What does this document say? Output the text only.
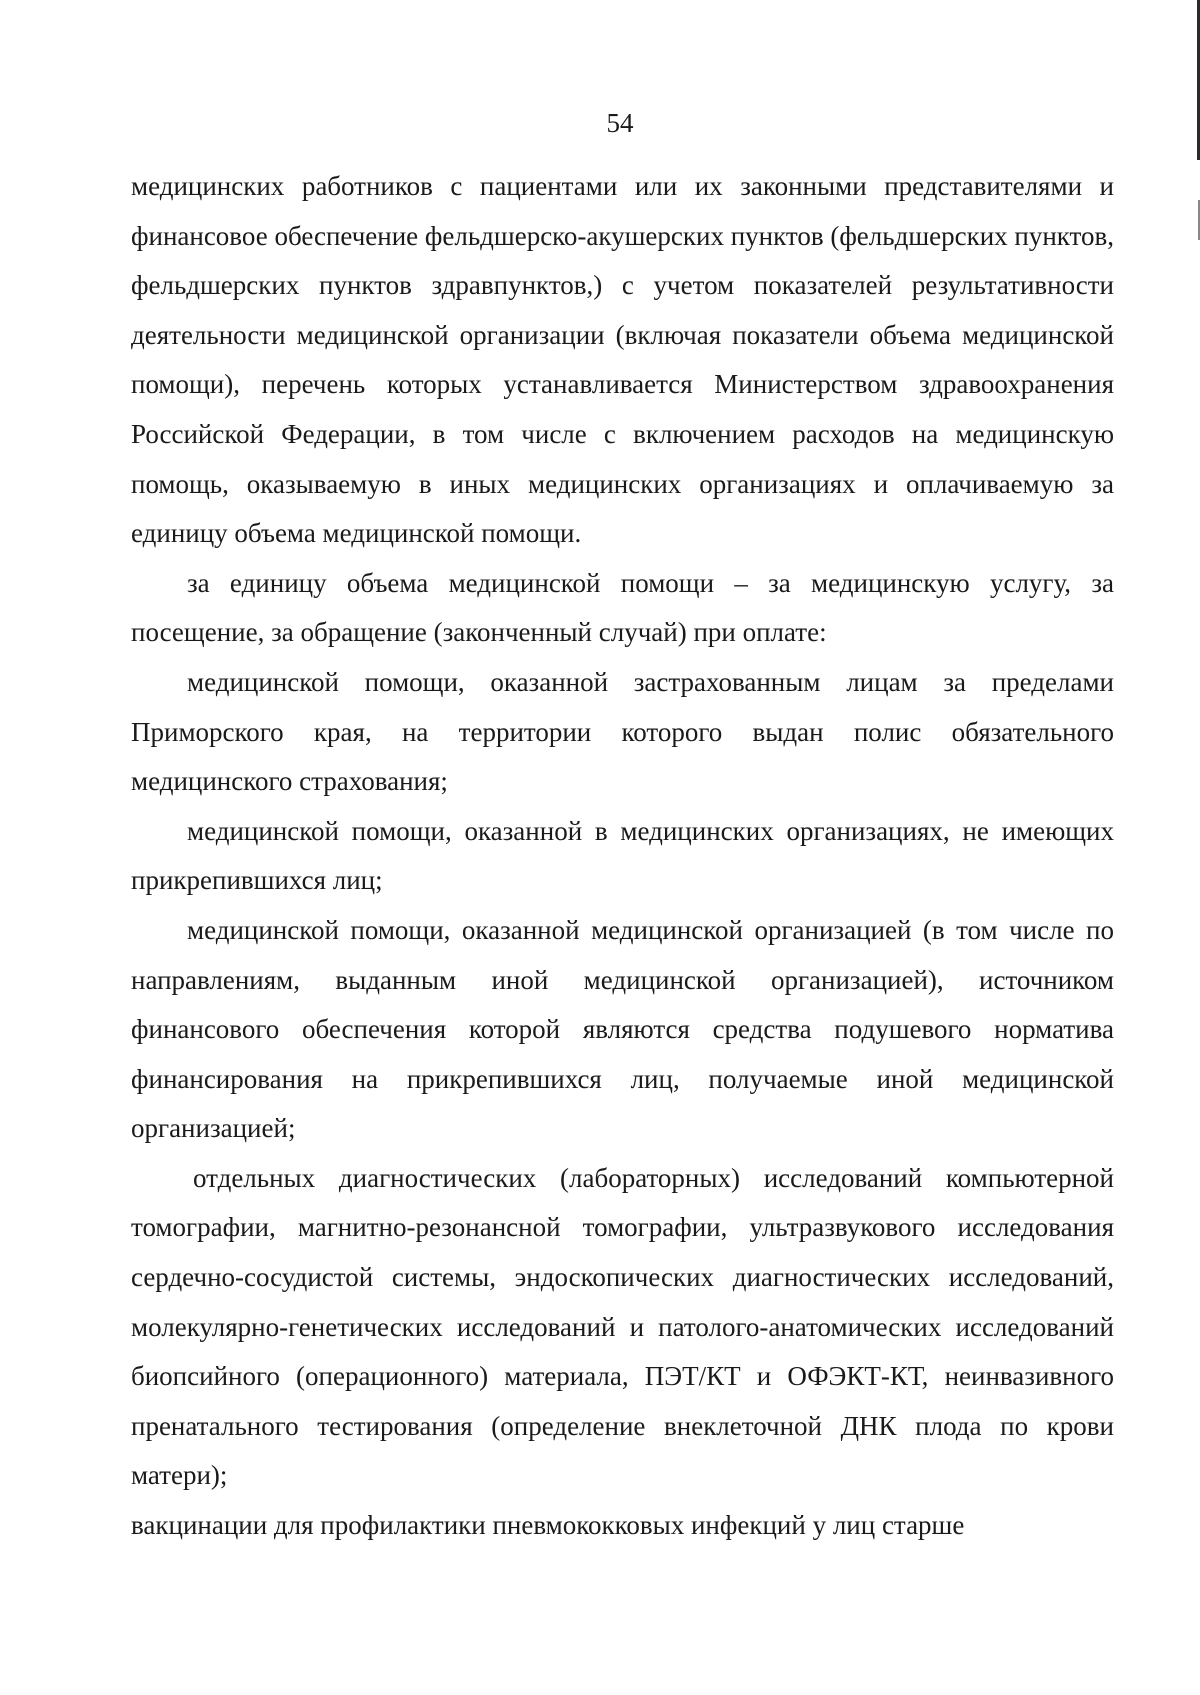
54

медицинских работников с пациентами или их законными представителями и финансовое обеспечение фельдшерско-акушерских пунктов (фельдшерских пунктов, фельдшерских пунктов здравпунктов,) с учетом показателей результативности деятельности медицинской организации (включая показатели объема медицинской помощи), перечень которых устанавливается Министерством здравоохранения Российской Федерации, в том числе с включением расходов на медицинскую помощь, оказываемую в иных медицинских организациях и оплачиваемую за единицу объема медицинской помощи.

за единицу объема медицинской помощи – за медицинскую услугу, за посещение, за обращение (законченный случай) при оплате:

медицинской помощи, оказанной застрахованным лицам за пределами Приморского края, на территории которого выдан полис обязательного медицинского страхования;

медицинской помощи, оказанной в медицинских организациях, не имеющих прикрепившихся лиц;

медицинской помощи, оказанной медицинской организацией (в том числе по направлениям, выданным иной медицинской организацией), источником финансового обеспечения которой являются средства подушевого норматива финансирования на прикрепившихся лиц, получаемые иной медицинской организацией;

отдельных диагностических (лабораторных) исследований компьютерной томографии, магнитно-резонансной томографии, ультразвукового исследования сердечно-сосудистой системы, эндоскопических диагностических исследований, молекулярно-генетических исследований и патолого-анатомических исследований биопсийного (операционного) материала, ПЭТ/КТ и ОФЭКТ-КТ, неинвазивного пренатального тестирования (определение внеклеточной ДНК плода по крови матери);

вакцинации для профилактики пневмококковых инфекций у лиц старше
